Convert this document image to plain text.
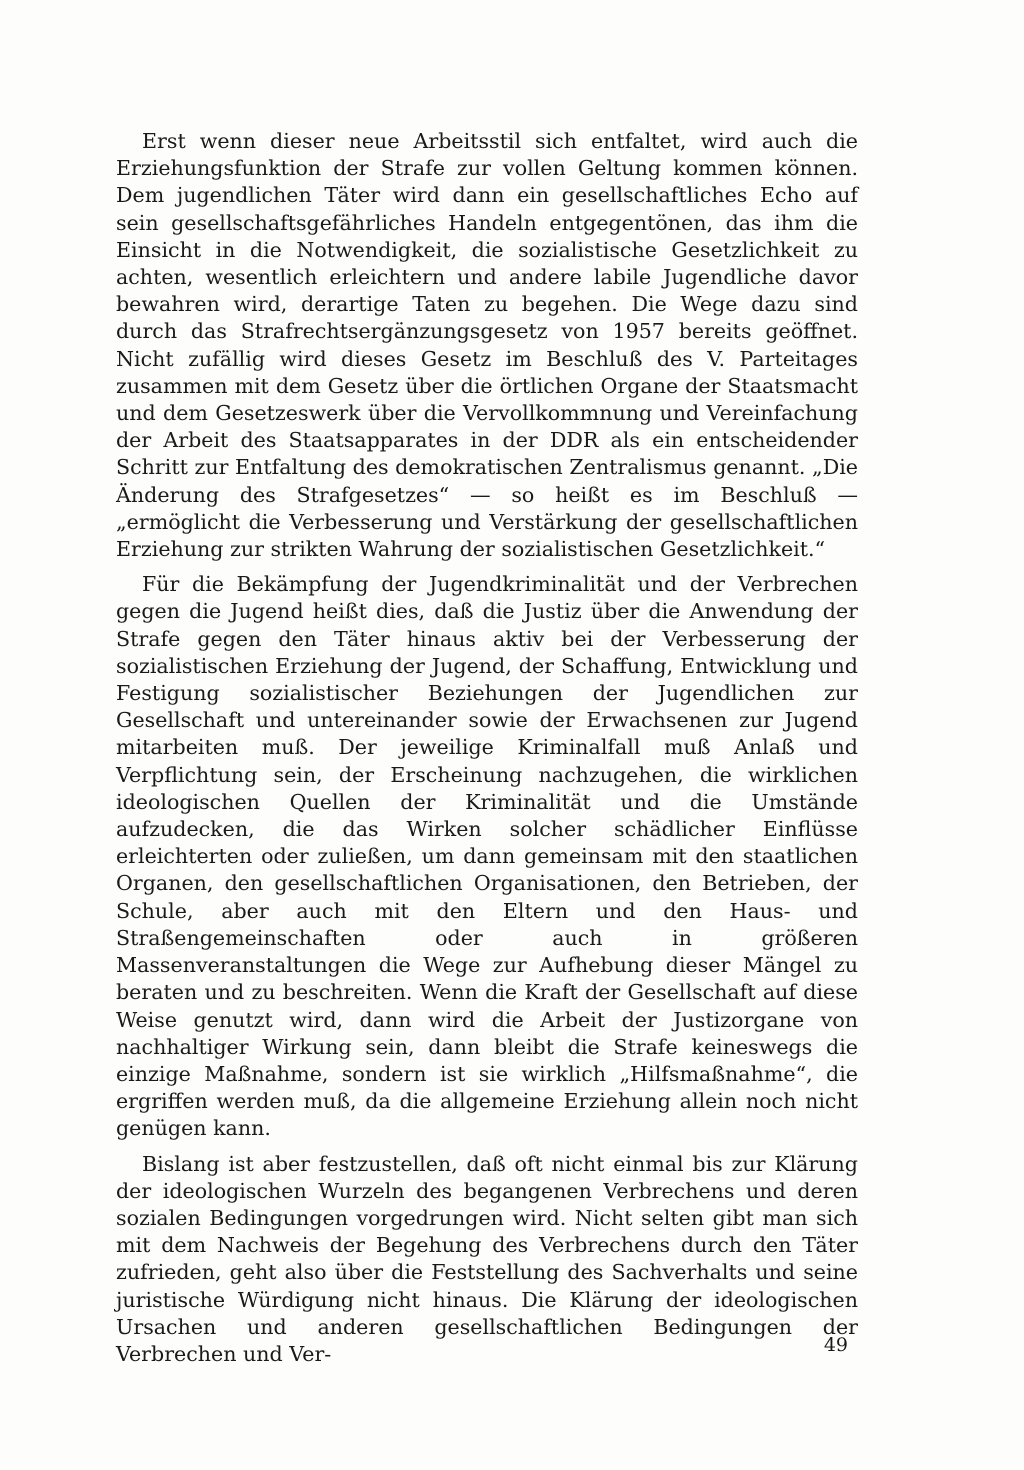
Erst wenn dieser neue Arbeitsstil sich entfaltet, wird auch die Erziehungsfunktion der Strafe zur vollen Geltung kommen können. Dem jugendlichen Täter wird dann ein gesellschaftliches Echo auf sein gesellschaftsgefährliches Handeln entgegentönen, das ihm die Einsicht in die Notwendigkeit, die sozialistische Gesetzlichkeit zu achten, wesentlich erleichtern und andere labile Jugendliche davor bewahren wird, derartige Taten zu begehen. Die Wege dazu sind durch das Strafrechtsergänzungsgesetz von 1957 bereits geöffnet. Nicht zufällig wird dieses Gesetz im Beschluß des V. Parteitages zusammen mit dem Gesetz über die örtlichen Organe der Staatsmacht und dem Gesetzeswerk über die Vervollkommnung und Vereinfachung der Arbeit des Staatsapparates in der DDR als ein entscheidender Schritt zur Entfaltung des demokratischen Zentralismus genannt. „Die Änderung des Strafgesetzes“ — so heißt es im Beschluß — „ermöglicht die Verbesserung und Verstärkung der gesellschaftlichen Erziehung zur strikten Wahrung der sozialistischen Gesetzlichkeit.“

Für die Bekämpfung der Jugendkriminalität und der Verbrechen gegen die Jugend heißt dies, daß die Justiz über die Anwendung der Strafe gegen den Täter hinaus aktiv bei der Verbesserung der sozialistischen Erziehung der Jugend, der Schaffung, Entwicklung und Festigung sozialistischer Beziehungen der Jugendlichen zur Gesellschaft und untereinander sowie der Erwachsenen zur Jugend mitarbeiten muß. Der jeweilige Kriminalfall muß Anlaß und Verpflichtung sein, der Erscheinung nachzugehen, die wirklichen ideologischen Quellen der Kriminalität und die Umstände aufzudecken, die das Wirken solcher schädlicher Einflüsse erleichterten oder zuließen, um dann gemeinsam mit den staatlichen Organen, den gesellschaftlichen Organisationen, den Betrieben, der Schule, aber auch mit den Eltern und den Haus- und Straßengemeinschaften oder auch in größeren Massenveranstaltungen die Wege zur Aufhebung dieser Mängel zu beraten und zu beschreiten. Wenn die Kraft der Gesellschaft auf diese Weise genutzt wird, dann wird die Arbeit der Justizorgane von nachhaltiger Wirkung sein, dann bleibt die Strafe keineswegs die einzige Maßnahme, sondern ist sie wirklich „Hilfsmaßnahme“, die ergriffen werden muß, da die allgemeine Erziehung allein noch nicht genügen kann.

Bislang ist aber festzustellen, daß oft nicht einmal bis zur Klärung der ideologischen Wurzeln des begangenen Verbrechens und deren sozialen Bedingungen vorgedrungen wird. Nicht selten gibt man sich mit dem Nachweis der Begehung des Verbrechens durch den Täter zufrieden, geht also über die Feststellung des Sachverhalts und seine juristische Würdigung nicht hinaus. Die Klärung der ideologischen Ursachen und anderen gesellschaftlichen Bedingungen der Verbrechen und Ver-	49
